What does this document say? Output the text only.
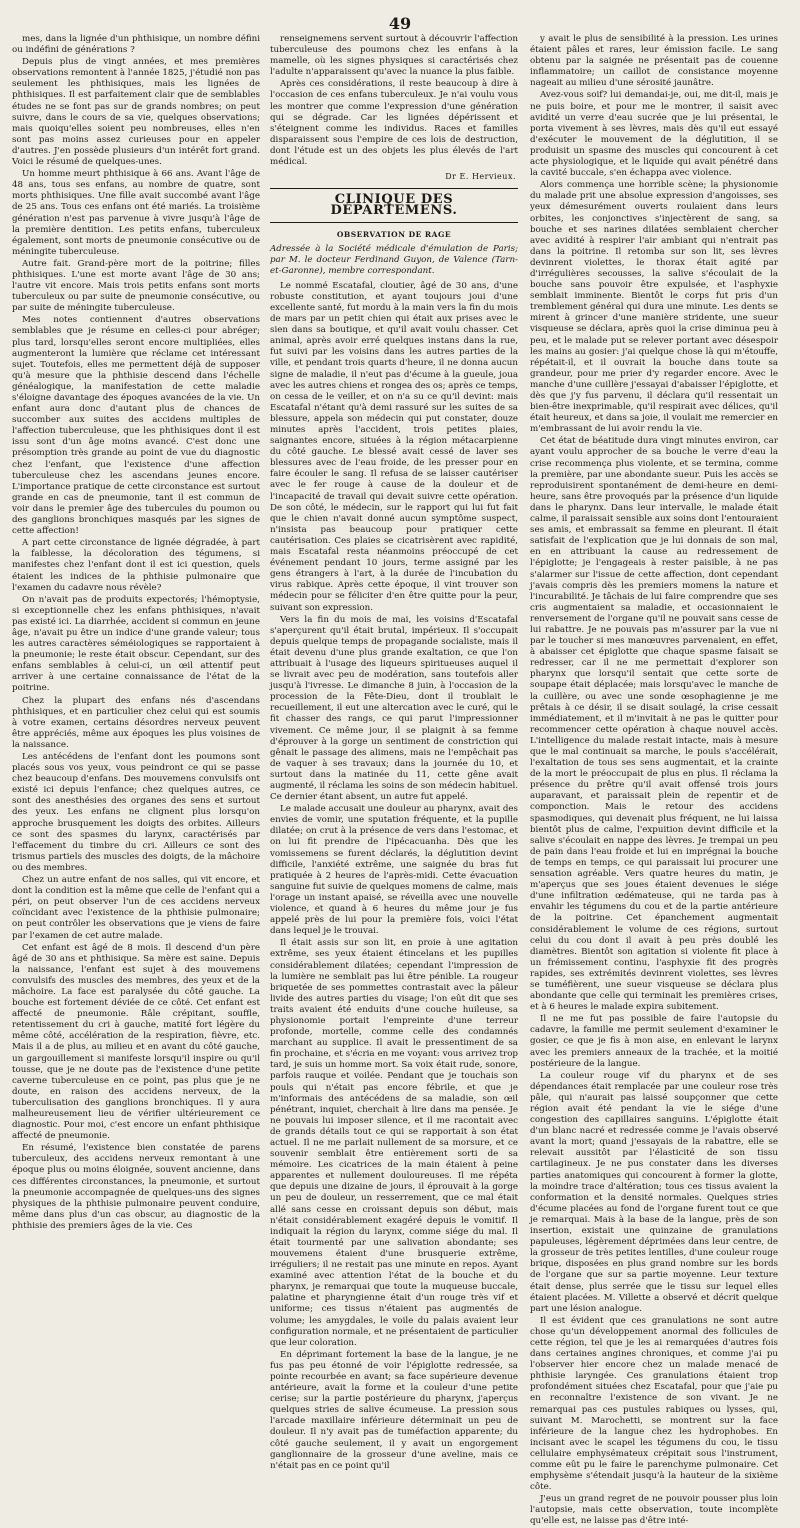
49

mes, dans la lignée d'un phthisique, un nombre défini ou indéfini de générations ?

Depuis plus de vingt années, et mes premières observations remontent à l'année 1825, j'étudié non pas seulement les phthisiques, mais les lignées de phthisiques. Il est parfaitement clair que de semblables études ne se font pas sur de grands nombres; on peut suivre, dans le cours de sa vie, quelques observations; mais quoiqu'elles soient peu nombreuses, elles n'en sont pas moins assez curieuses pour en appeler d'autres. J'en possède plusieurs d'un intérêt fort grand. Voici le résumé de quelques-unes.

Un homme meurt phthisique à 66 ans. Avant l'âge de 48 ans, tous ses enfans, au nombre de quatre, sont morts phthisiques. Une fille avait succombé avant l'âge de 25 ans. Tous ces enfans ont été mariés. La troisième génération n'est pas parvenue à vivre jusqu'à l'âge de la première dentition. Les petits enfans, tuberculeux également, sont morts de pneumonie consécutive ou de méningite tuberculeuse.

Autre fait. Grand-père mort de la poitrine; filles phthisiques. L'une est morte avant l'âge de 30 ans; l'autre vit encore. Mais trois petits enfans sont morts tuberculeux ou par suite de pneumonie consécutive, ou par suite de méningite tuberculeuse.

Mes notes contiennent d'autres observations semblables que je résume en celles-ci pour abréger; plus tard, lorsqu'elles seront encore multipliées, elles augmenteront la lumière que réclame cet intéressant sujet. Toutefois, elles me permettent déjà de supposer qu'à mesure que la phthisie descend dans l'échelle généalogique, la manifestation de cette maladie s'éloigne davantage des époques avancées de la vie. Un enfant aura donc d'autant plus de chances de succomber aux suites des accidens multiples de l'affection tuberculeuse, que les phthisiques dont il est issu sont d'un âge moins avancé. C'est donc une présomption très grande au point de vue du diagnostic chez l'enfant, que l'existence d'une affection tuberculeuse chez les ascendans jeunes encore. L'importance pratique de cette circonstance est surtout grande en cas de pneumonie, tant il est commun de voir dans le premier âge des tubercules du poumon ou des ganglions bronchiques masqués par les signes de cette affection!

A part cette circonstance de lignée dégradée, à part la faiblesse, la décoloration des tégumens, si manifestes chez l'enfant dont il est ici question, quels étaient les indices de la phthisie pulmonaire que l'examen du cadavre nous révèle?

On n'avait pas de produits expectorés; l'hémoptysie, si exceptionnelle chez les enfans phthisiques, n'avait pas existé ici. La diarrhée, accident si commun en jeune âge, n'avait pu être un indice d'une grande valeur; tous les autres caractères séméiologiques se rapportaient à la pneumonie; le reste était obscur. Cependant, sur des enfans semblables à celui-ci, un œil attentif peut arriver à une certaine connaissance de l'état de la poitrine.

Chez la plupart des enfans nés d'ascendans phthisiques, et en particulier chez celui qui est soumis à votre examen, certains désordres nerveux peuvent être appréciés, même aux époques les plus voisines de la naissance.

Les antécédens de l'enfant dont les poumons sont placés sous vos yeux, vous peindront ce qui se passe chez beaucoup d'enfans. Des mouvemens convulsifs ont existé ici depuis l'enfance; chez quelques autres, ce sont des anesthésies des organes des sens et surtout des yeux. Les enfans ne clignent plus lorsqu'on approche brusquement les doigts des orbites. Ailleurs ce sont des spasmes du larynx, caractérisés par l'effacement du timbre du cri. Ailleurs ce sont des trismus partiels des muscles des doigts, de la mâchoire ou des membres.

Chez un autre enfant de nos salles, qui vit encore, et dont la condition est la même que celle de l'enfant qui a péri, on peut observer l'un de ces accidens nerveux coïncidant avec l'existence de la phthisie pulmonaire; on peut contrôler les observations que je viens de faire par l'examen de cet autre malade.

Cet enfant est âgé de 8 mois. Il descend d'un père âgé de 30 ans et phthisique. Sa mère est saine. Depuis la naissance, l'enfant est sujet à des mouvemens convulsifs des muscles des membres, des yeux et de la mâchoire. La face est paralysée du côté gauche. La bouche est fortement déviée de ce côté. Cet enfant est affecté de pneumonie. Râle crépitant, souffle, retentissement du cri à gauche, matité fort légère du même côté, accélération de la respiration, fièvre, etc. Mais il a de plus, au milieu et en avant du côté gauche, un gargouillement si manifeste lorsqu'il inspire ou qu'il tousse, que je ne doute pas de l'existence d'une petite caverne tuberculeuse en ce point, pas plus que je ne doute, en raison des accidens nerveux, de la tuberculisation des ganglions bronchiques. Il y aura malheureusement lieu de vérifier ultérieurement ce diagnostic. Pour moi, c'est encore un enfant phthisique affecté de pneumonie.

En résumé, l'existence bien constatée de parens tuberculeux, des accidens nerveux remontant à une époque plus ou moins éloignée, souvent ancienne, dans ces différentes circonstances, la pneumonie, et surtout la pneumonie accompagnée de quelques-uns des signes physiques de la phthisie pulmonaire peuvent conduire, même dans plus d'un cas obscur, au diagnostic de la phthisie des premiers âges de la vie. Ces

renseignemens servent surtout à découvrir l'affection tuberculeuse des poumons chez les enfans à la mamelle, où les signes physiques si caractérisés chez l'adulte n'apparaissent qu'avec la nuance la plus faible.

Après ces considérations, il reste beaucoup à dire à l'occasion de ces enfans tuberculeux. Je n'ai voulu vous les montrer que comme l'expression d'une génération qui se dégrade. Car les lignées dépérissent et s'éteignent comme les individus. Races et familles disparaissent sous l'empire de ces lois de destruction, dont l'étude est un des objets les plus élevés de l'art médical.

Dr E. Hervieux.
CLINIQUE DES DÉPARTEMENS.
OBSERVATION DE RAGE

Adressée à la Société médicale d'émulation de Paris; par M. le docteur Ferdinand Guyon, de Valence (Tarn-et-Garonne), membre correspondant.

Le nommé Escatafal, cloutier, âgé de 30 ans, d'une robuste constitution, et ayant toujours joui d'une excellente santé, fut mordu à la main vers la fin du mois de mars par un petit chien qui était aux prises avec le sien dans sa boutique, et qu'il avait voulu chasser. Cet animal, après avoir erré quelques instans dans la rue, fut suivi par les voisins dans les autres parties de la ville, et pendant trois quarts d'heure, il ne donna aucun signe de maladie, il n'eut pas d'écume à la gueule, joua avec les autres chiens et rongea des os; après ce temps, on cessa de le veiller, et on n'a su ce qu'il devint: mais Escatafal n'étant qu'à demi rassuré sur les suites de sa blessure, appela son médecin qui put constater, douze minutes après l'accident, trois petites plaies, saignantes encore, situées à la région métacarpienne du côté gauche. Le blessé avait cessé de laver ses blessures avec de l'eau froide, de les presser pour en faire écouler le sang. Il refusa de se laisser cautériser avec le fer rouge à cause de la douleur et de l'incapacité de travail qui devait suivre cette opération. De son côté, le médecin, sur le rapport qui lui fut fait que le chien n'avait donné aucun symptôme suspect, n'insista pas beaucoup pour pratiquer cette cautérisation. Ces plaies se cicatrisèrent avec rapidité, mais Escatafal resta néanmoins préoccupé de cet événement pendant 10 jours, terme assigné par les gens étrangers à l'art, à la durée de l'incubation du virus rabique. Après cette époque, il vint trouver son médecin pour se féliciter d'en être quitte pour la peur, suivant son expression.

Vers la fin du mois de mai, les voisins d'Escatafal s'aperçurent qu'il était brutal, impérieux. Il s'occupait depuis quelque temps de propagande socialiste, mais il était devenu d'une plus grande exaltation, ce que l'on attribuait à l'usage des liqueurs spiritueuses auquel il se livrait avec peu de modération, sans toutefois aller jusqu'à l'ivresse. Le dimanche 8 juin, à l'occasion de la procession de la Fête-Dieu, dont il troublait le recueillement, il eut une altercation avec le curé, qui le fit chasser des rangs, ce qui parut l'impressionner vivement. Ce même jour, il se plaignit à sa femme d'éprouver à la gorge un sentiment de constriction qui gênait le passage des alimens, mais ne l'empêchait pas de vaquer à ses travaux; dans la journée du 10, et surtout dans la matinée du 11, cette gêne avait augmenté, il réclama les soins de son médecin habituel. Ce dernier étant absent, un autre fut appelé.

Le malade accusait une douleur au pharynx, avait des envies de vomir, une sputation fréquente, et la pupille dilatée; on crut à la présence de vers dans l'estomac, et on lui fit prendre de l'ipécacuanha. Dès que les vomissemens se furent déclarés, la déglutition devint difficile, l'anxiété extrême, une saignée du bras fut pratiquée à 2 heures de l'après-midi. Cette évacuation sanguine fut suivie de quelques momens de calme, mais l'orage un instant apaisé, se réveilla avec une nouvelle violence, et quand à 6 heures du même jour je fus appelé près de lui pour la première fois, voici l'état dans lequel je le trouvai.

Il était assis sur son lit, en proie à une agitation extrême, ses yeux étaient étincelans et les pupilles considérablement dilatées; cependant l'impression de la lumière ne semblait pas lui être pénible. La rougeur briquetée de ses pommettes contrastait avec la pâleur livide des autres parties du visage; l'on eût dit que ses traits avaient été enduits d'une couche huileuse, sa physionomie portait l'empreinte d'une terreur profonde, mortelle, comme celle des condamnés marchant au supplice. Il avait le pressentiment de sa fin prochaine, et s'écria en me voyant: vous arrivez trop tard, je suis un homme mort. Sa voix était rude, sonore, parfois rauque et voilée. Pendant que je touchais son pouls qui n'était pas encore fébrile, et que je m'informais des antécédens de sa maladie, son œil pénétrant, inquiet, cherchait à lire dans ma pensée. Je ne pouvais lui imposer silence, et il me racontait avec de grands détails tout ce qui se rapportait à son état actuel. Il ne me parlait nullement de sa morsure, et ce souvenir semblait être entièrement sorti de sa mémoire. Les cicatrices de la main étaient à peine apparentes et nullement douloureuses. Il me répéta que depuis une dizaine de jours, il éprouvait à la gorge un peu de douleur, un resserrement, que ce mal était allé sans cesse en croissant depuis son début, mais n'était considérablement exagéré depuis le vomitif. Il indiquait la région du larynx, comme siége du mal. Il était tourmenté par une salivation abondante; ses mouvemens étaient d'une brusquerie extrême, irréguliers; il ne restait pas une minute en repos. Ayant examiné avec attention l'état de la bouche et du pharynx, je remarquai que toute la muqueuse buccale, palatine et pharyngienne était d'un rouge très vif et uniforme; ces tissus n'étaient pas augmentés de volume; les amygdales, le voile du palais avaient leur configuration normale, et ne présentaient de particulier que leur coloration.

En déprimant fortement la base de la langue, je ne fus pas peu étonné de voir l'épiglotte redressée, sa pointe recourbée en avant; sa face supérieure devenue antérieure, avait la forme et la couleur d'une petite cerise; sur la partie postérieure du pharynx, j'aperçus quelques stries de salive écumeuse. La pression sous l'arcade maxillaire inférieure déterminait un peu de douleur. Il n'y avait pas de tuméfaction apparente; du côté gauche seulement, il y avait un engorgement ganglionnaire de la grosseur d'une aveline, mais ce n'était pas en ce point qu'il

y avait le plus de sensibilité à la pression. Les urines étaient pâles et rares, leur émission facile. Le sang obtenu par la saignée ne présentait pas de couenne inflammatoire; un caillot de consistance moyenne nageait au milieu d'une sérosité jaunâtre.

Avez-vous soif? lui demandai-je, oui, me dit-il, mais je ne puis boire, et pour me le montrer, il saisit avec avidité un verre d'eau sucrée que je lui présentai, le porta vivement à ses lèvres, mais dès qu'il eut essayé d'exécuter le mouvement de la déglutition, il se produisit un spasme des muscles qui concourent à cet acte physiologique, et le liquide qui avait pénétré dans la cavité buccale, s'en échappa avec violence.

Alors commença une horrible scène; la physionomie du malade prit une absolue expression d'angoisses, ses yeux démesurément ouverts roulaient dans leurs orbites, les conjonctives s'injectèrent de sang, sa bouche et ses narines dilatées semblaient chercher avec avidité à respirer l'air ambiant qui n'entrait pas dans la poitrine. Il retomba sur son lit, ses lèvres devinrent violettes, le thorax était agité par d'irrégulières secousses, la salive s'écoulait de la bouche sans pouvoir être expulsée, et l'asphyxie semblait imminente. Bientôt le corps fut pris d'un tremblement général qui dura une minute. Les dents se mirent à grincer d'une manière stridente, une sueur visqueuse se déclara, après quoi la crise diminua peu à peu, et le malade put se relever portant avec désespoir les mains au gosier: j'ai quelque chose là qui m'étouffe, répétait-il, et il ouvrait la bouche dans toute sa grandeur, pour me prier d'y regarder encore. Avec le manche d'une cuillère j'essayai d'abaisser l'épiglotte, et dès que j'y fus parvenu, il déclara qu'il ressentait un bien-être inexprimable, qu'il respirait avec délices, qu'il était heureux, et dans sa joie, il voulait me remercier en m'embrassant de lui avoir rendu la vie.

Cet état de béatitude dura vingt minutes environ, car ayant voulu approcher de sa bouche le verre d'eau la crise recommença plus violente, et se termina, comme la première, par une abondante sueur. Puis les accès se reproduisirent spontanément de demi-heure en demi-heure, sans être provoqués par la présence d'un liquide dans le pharynx. Dans leur intervalle, le malade était calme, il paraissait sensible aux soins dont l'entouraient ses amis, et embrassait sa femme en pleurant. Il était satisfait de l'explication que je lui donnais de son mal, en en attribuant la cause au redressement de l'épiglotte; je l'engageais à rester paisible, à ne pas s'alarmer sur l'issue de cette affection, dont cependant j'avais compris dès les premiers momens la nature et l'incurabilité. Je tâchais de lui faire comprendre que ses cris augmentaient sa maladie, et occasionnaient le renversement de l'organe qu'il ne pouvait sans cesse de lui rabattre. Je ne pouvais pas m'assurer par la vue ni par le toucher si mes manœuvres parvenaient, en effet, à abaisser cet épiglotte que chaque spasme faisait se redresser, car il ne me permettait d'explorer son pharynx que lorsqu'il sentait que cette sorte de soupape était déplacée; mais lorsqu'avec le manche de la cuillère, ou avec une sonde œsophagienne je me prêtais à ce désir, il se disait soulagé, la crise cessait immédiatement, et il m'invitait à ne pas le quitter pour recommencer cette opération à chaque nouvel accès. L'intelligence du malade restait intacte, mais à mesure que le mal continuait sa marche, le pouls s'accélérait, l'exaltation de tous ses sens augmentait, et la crainte de la mort le préoccupait de plus en plus. Il réclama la présence du prêtre qu'il avait offensé trois jours auparavant, et paraissait plein de repentir et de componction. Mais le retour des accidens spasmodiques, qui devenait plus fréquent, ne lui laissa bientôt plus de calme, l'expuition devint difficile et la salive s'écoulait en nappe des lèvres. Je trempai un peu de pain dans l'eau froide et lui en imprégnai la bouche de temps en temps, ce qui paraissait lui procurer une sensation agréable. Vers quatre heures du matin, je m'aperçus que ses joues étaient devenues le siége d'une infiltration œdémateuse, qui ne tarda pas à envahir les tégumens du cou et de la partie antérieure de la poitrine. Cet épanchement augmentait considérablement le volume de ces régions, surtout celui du cou dont il avait à peu près doublé les diamètres. Bientôt son agitation si violente fit place à un frémissement continu, l'asphyxie fit des progrès rapides, ses extrémités devinrent violettes, ses lèvres se tuméfièrent, une sueur visqueuse se déclara plus abondante que celle qui terminait les premières crises, et à 6 heures le malade expira subitement.

Il ne me fut pas possible de faire l'autopsie du cadavre, la famille me permit seulement d'examiner le gosier, ce que je fis à mon aise, en enlevant le larynx avec les premiers anneaux de la trachée, et la moitié postérieure de la langue.

La couleur rouge vif du pharynx et de ses dépendances était remplacée par une couleur rose très pâle, qui n'aurait pas laissé soupçonner que cette région avait été pendant la vie le siége d'une congestion des capillaires sanguins. L'épiglotte était d'un blanc nacré et redressée comme je l'avais observé avant la mort; quand j'essayais de la rabattre, elle se relevait aussitôt par l'élasticité de son tissu cartilagineux. Je ne pus constater dans les diverses parties anatomiques qui concourent à former la glotte, la moindre trace d'altération; tous ces tissus avaient la conformation et la densité normales. Quelques stries d'écume placées au fond de l'organe furent tout ce que je remarquai. Mais à la base de la langue, près de son insertion, existait une quinzaine de granulations papuleuses, légèrement déprimées dans leur centre, de la grosseur de très petites lentilles, d'une couleur rouge brique, disposées en plus grand nombre sur les bords de l'organe que sur sa partie moyenne. Leur texture était dense, plus serrée que le tissu sur lequel elles étaient placées. M. Villette a observé et décrit quelque part une lésion analogue.

Il est évident que ces granulations ne sont autre chose qu'un développement anormal des follicules de cette région, tel que je les ai remarquées d'autres fois dans certaines angines chroniques, et comme j'ai pu l'observer hier encore chez un malade menacé de phthisie laryngée. Ces granulations étaient trop profondément situées chez Escatafal, pour que j'aie pu en reconnaître l'existence de son vivant. Je ne remarquai pas ces pustules rabiques ou lysses, qui, suivant M. Marochetti, se montrent sur la face inférieure de la langue chez les hydrophobes. En incisant avec le scapel les tégumens du cou, le tissu cellulaire emphysémateux crépitait sous l'instrument, comme eût pu le faire le parenchyme pulmonaire. Cet emphysème s'étendait jusqu'à la hauteur de la sixième côte.

J'eus un grand regret de ne pouvoir pousser plus loin l'autopsie, mais cette observation, toute incomplète qu'elle est, ne laisse pas d'être inté-
